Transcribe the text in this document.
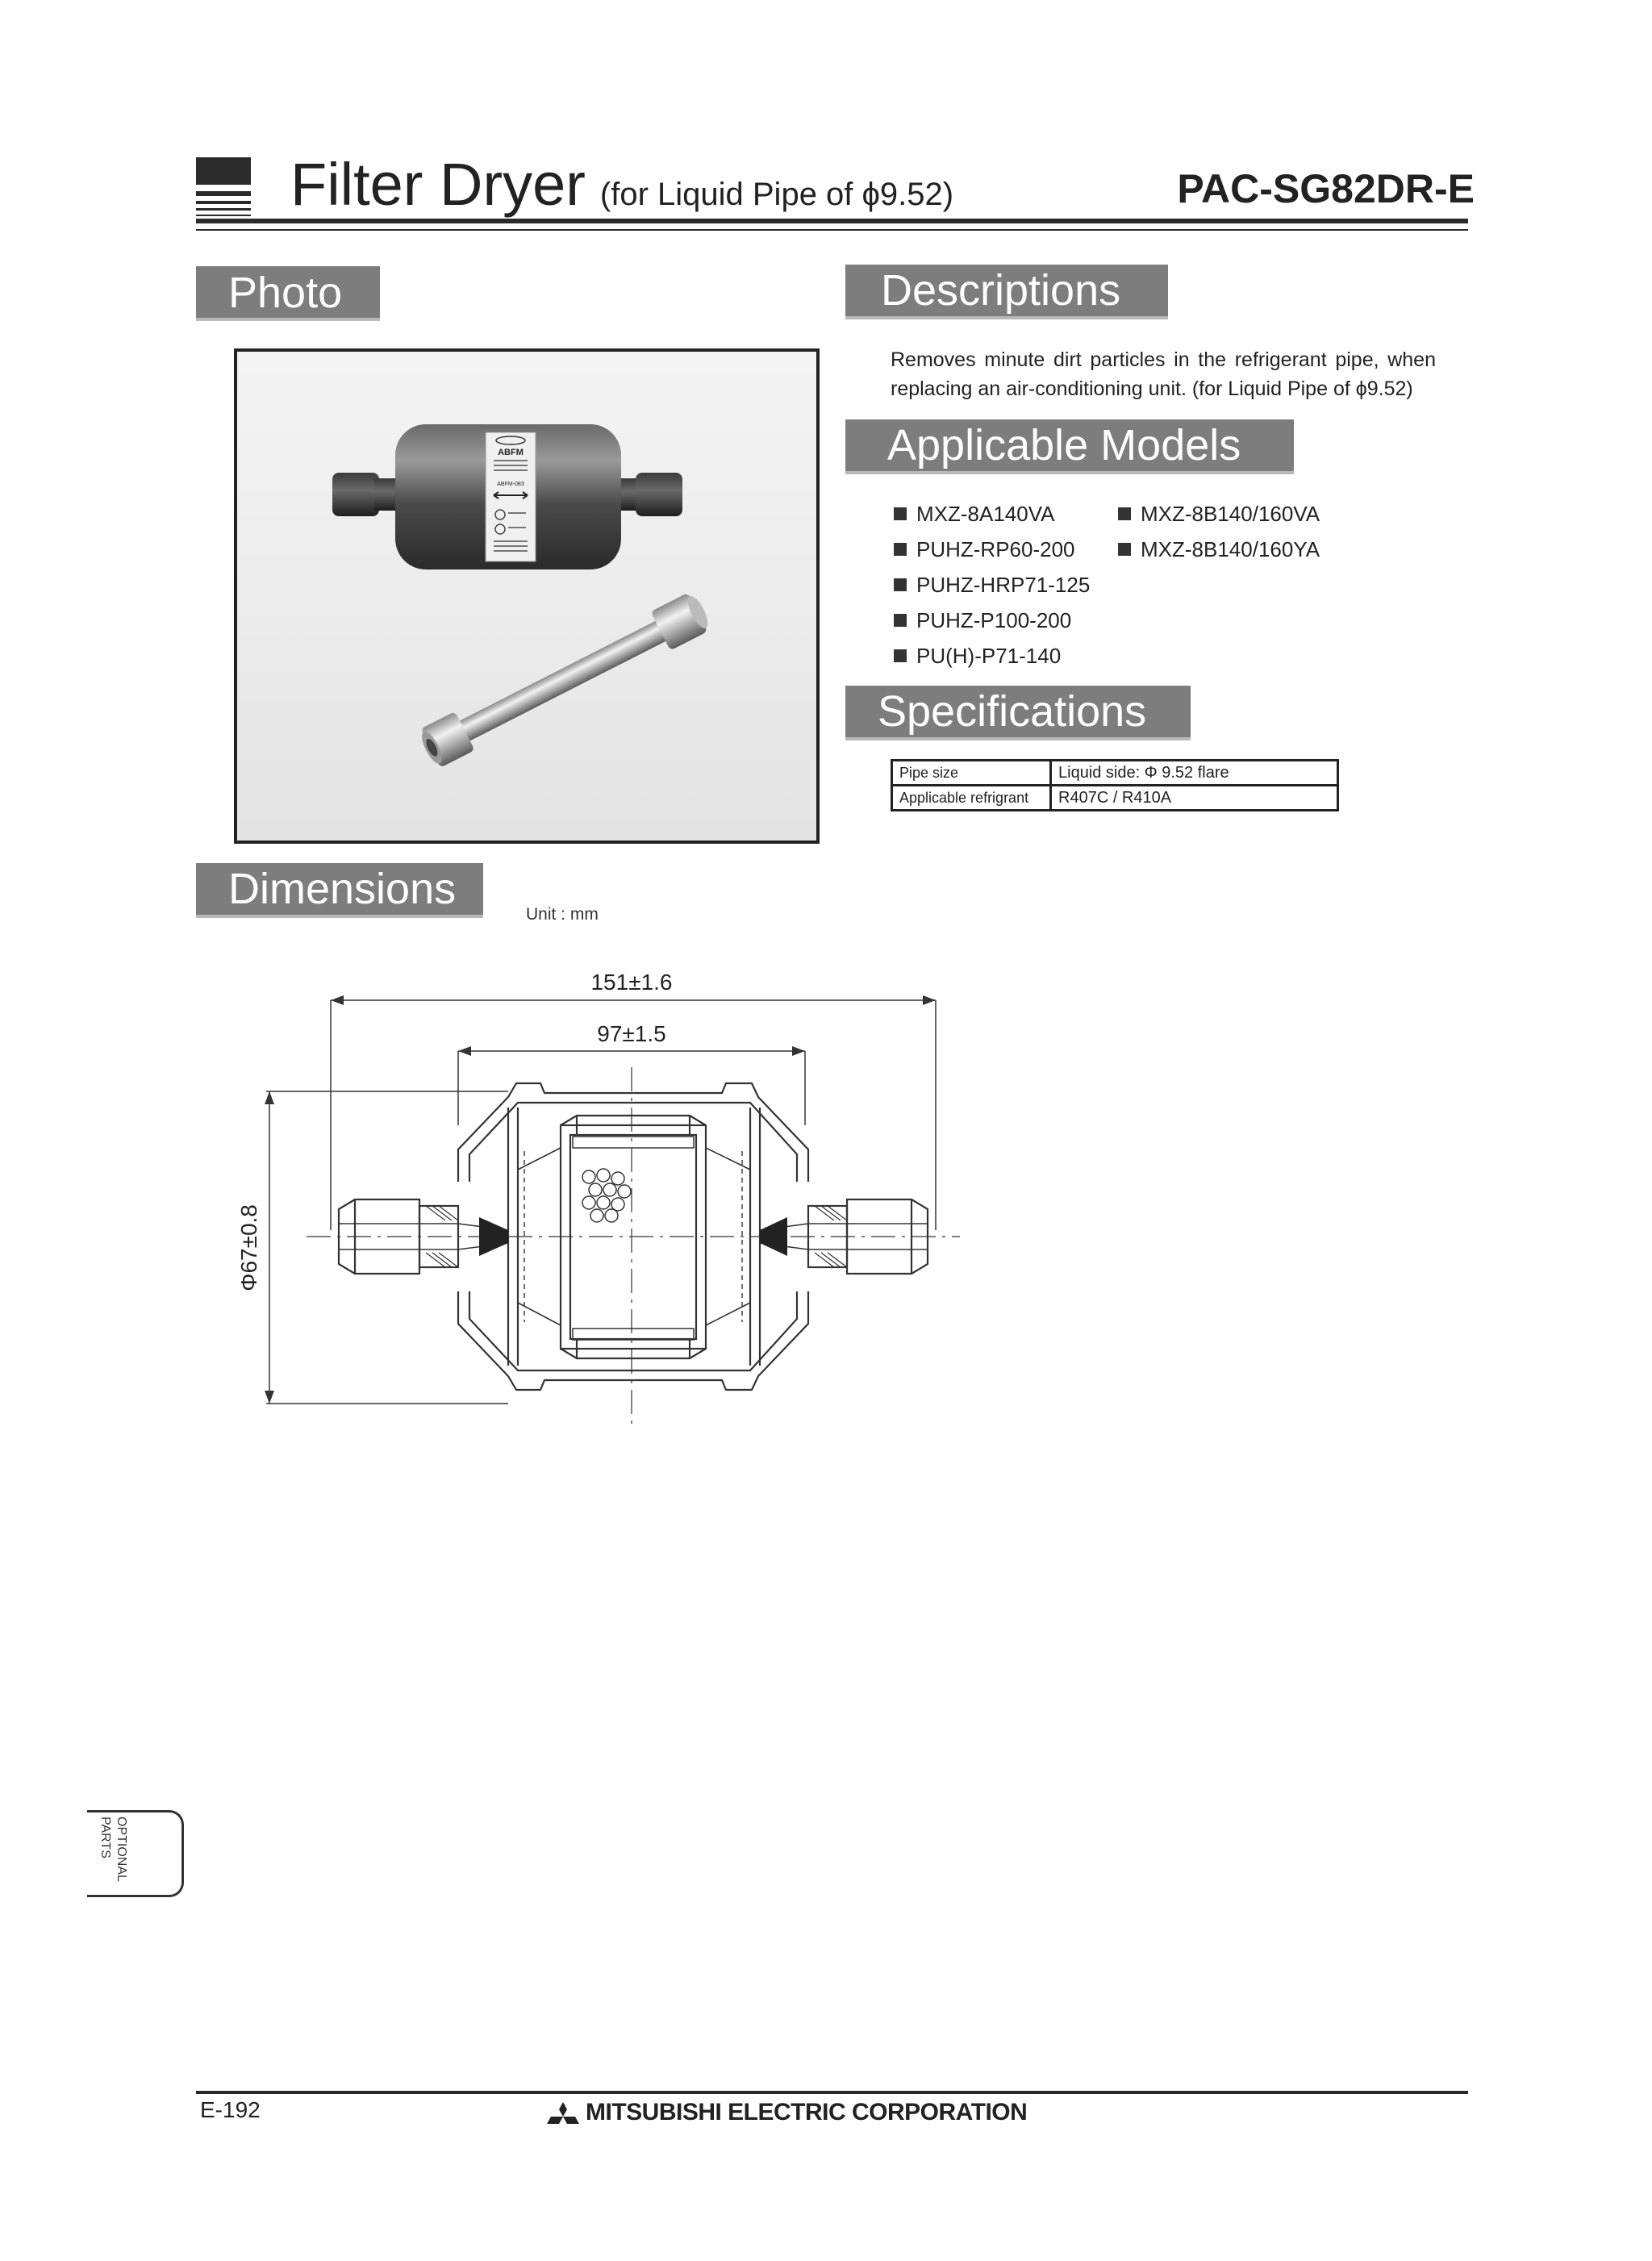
Filter Dryer (for Liquid Pipe of ϕ9.52)	PAC-SG82DR-E
Photo	Descriptions
Applicable Models
Specifications
Dimensions
ABFM
ABFM-083
Removes minute dirt particles in the refrigerant pipe, when replacing an air-conditioning unit. (for Liquid Pipe of ϕ9.52)
MXZ-8A140VA
PUHZ-RP60-200
PUHZ-HRP71-125
PUHZ-P100-200
PU(H)-P71-140
MXZ-8B140/160VA
MXZ-8B140/160YA
Pipe size	Liquid side: Φ 9.52 flare
Applicable refrigrant	R407C / R410A
Unit : mm
151±1.6
97±1.5
Φ67±0.8
OPTIONAL
PARTS
E-192	MITSUBISHI ELECTRIC CORPORATION
